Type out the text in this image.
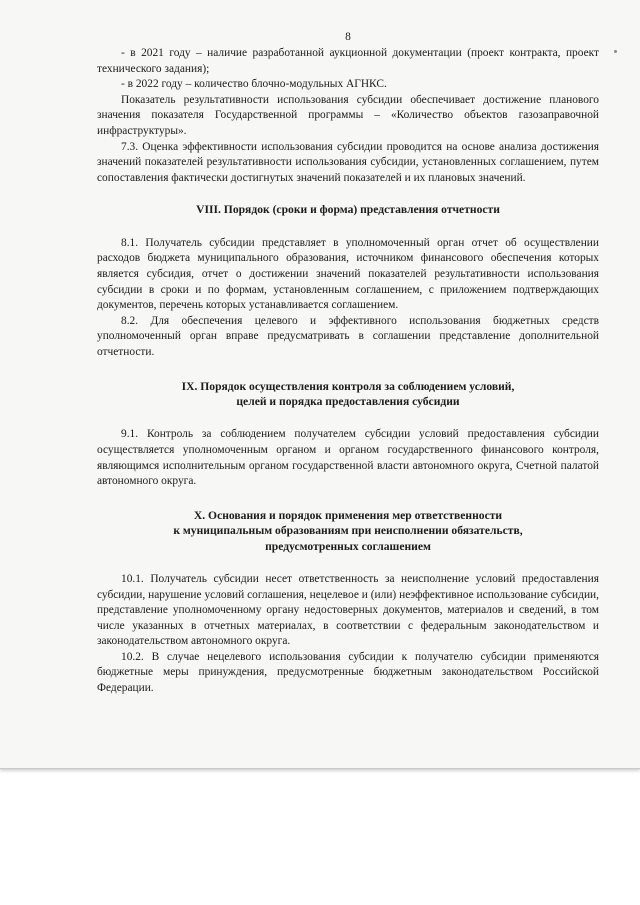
8

- в 2021 году – наличие разработанной аукционной документации (проект контракта, проект технического задания);

- в 2022 году – количество блочно-модульных АГНКС.

Показатель результативности использования субсидии обеспечивает достижение планового значения показателя Государственной программы – «Количество объектов газозаправочной инфраструктуры».

7.3. Оценка эффективности использования субсидии проводится на основе анализа достижения значений показателей результативности использования субсидии, установленных соглашением, путем сопоставления фактически достигнутых значений показателей и их плановых значений.

VIII. Порядок (сроки и форма) представления отчетности

8.1. Получатель субсидии представляет в уполномоченный орган отчет об осуществлении расходов бюджета муниципального образования, источником финансового обеспечения которых является субсидия, отчет о достижении значений показателей результативности использования субсидии в сроки и по формам, установленным соглашением, с приложением подтверждающих документов, перечень которых устанавливается соглашением.

8.2. Для обеспечения целевого и эффективного использования бюджетных средств уполномоченный орган вправе предусматривать в соглашении представление дополнительной отчетности.

IX. Порядок осуществления контроля за соблюдением условий,
целей и порядка предоставления субсидии

9.1. Контроль за соблюдением получателем субсидии условий предоставления субсидии осуществляется уполномоченным органом и органом государственного финансового контроля, являющимся исполнительным органом государственной власти автономного округа, Счетной палатой автономного округа.

X. Основания и порядок применения мер ответственности
к муниципальным образованиям при неисполнении обязательств,
предусмотренных соглашением

10.1. Получатель субсидии несет ответственность за неисполнение условий предоставления субсидии, нарушение условий соглашения, нецелевое и (или) неэффективное использование субсидии, представление уполномоченному органу недостоверных документов, материалов и сведений, в том числе указанных в отчетных материалах, в соответствии с федеральным законодательством и законодательством автономного округа.

10.2. В случае нецелевого использования субсидии к получателю субсидии применяются бюджетные меры принуждения, предусмотренные бюджетным законодательством Российской Федерации.
